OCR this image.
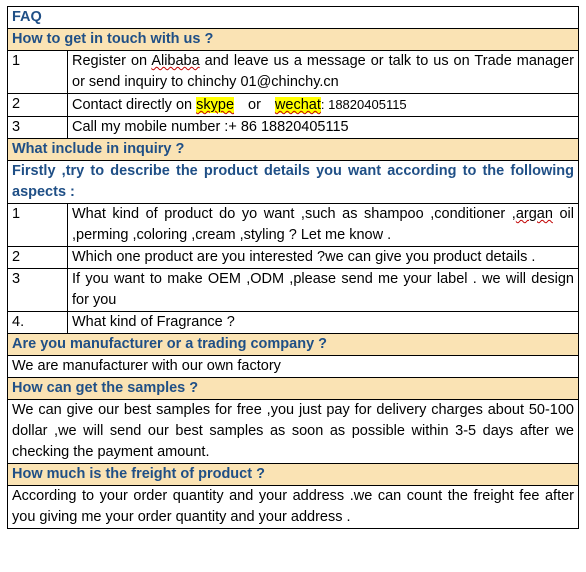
FAQ	
How to get in touch with us ?	
1	Register on Alibaba and leave us a message or talk to us on Trade manager or send inquiry to chinchy 01@chinchy.cn
2	Contact directly on skype or wechat: 18820405115
3	Call my mobile number :+ 86 18820405115
What include in inquiry ?	
Firstly ,try to describe the product details you want according to the following aspects :	
1	What kind of product do yo want ,such as shampoo ,conditioner ,argan oil ,perming ,coloring ,cream ,styling ? Let me know .
2	Which one product are you interested ?we can give you product details .
3	If you want to make OEM ,ODM ,please send me your label . we will design for you
4.	What kind of Fragrance ?
Are you manufacturer or a trading company ?	
We are manufacturer with our own factory	
How can get the samples ?	
We can give our best samples for free ,you just pay for delivery charges about 50-100 dollar ,we will send our best samples as soon as possible within 3-5 days after we checking the payment amount.	
How much is the freight of product ?	
According to your order quantity and your address .we can count the freight fee after you giving me your order quantity and your address .	
